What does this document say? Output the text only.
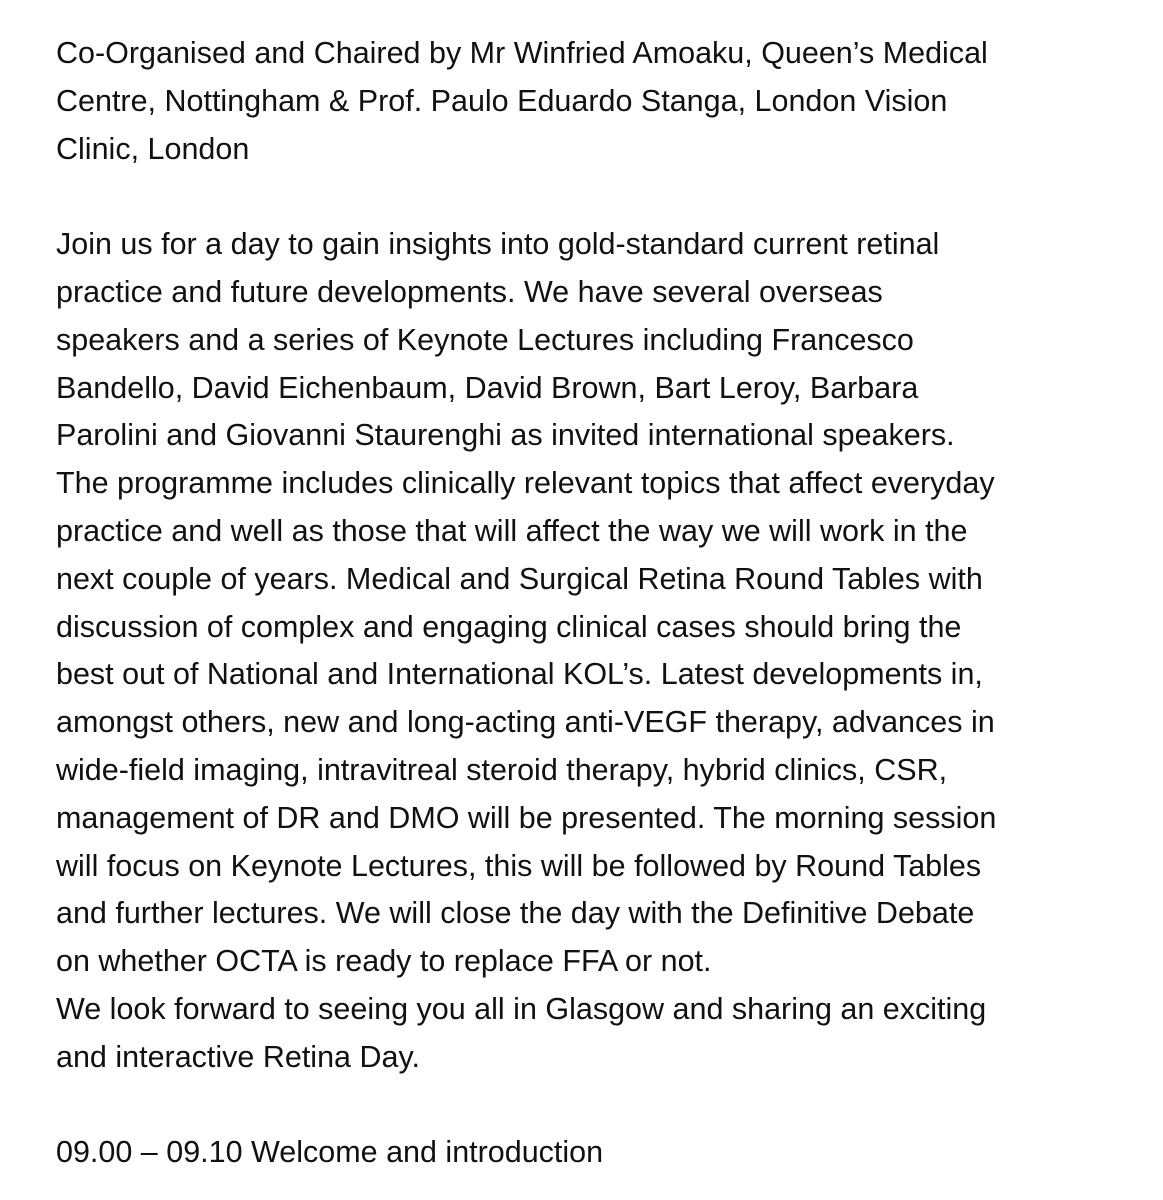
Co-Organised and Chaired by Mr Winfried Amoaku, Queen’s Medical
Centre, Nottingham & Prof. Paulo Eduardo Stanga, London Vision
Clinic, London
Join us for a day to gain insights into gold-standard current retinal
practice and future developments. We have several overseas
speakers and a series of Keynote Lectures including Francesco
Bandello, David Eichenbaum, David Brown, Bart Leroy, Barbara
Parolini and Giovanni Staurenghi as invited international speakers.
The programme includes clinically relevant topics that affect everyday
practice and well as those that will affect the way we will work in the
next couple of years. Medical and Surgical Retina Round Tables with
discussion of complex and engaging clinical cases should bring the
best out of National and International KOL’s. Latest developments in,
amongst others, new and long-acting anti-VEGF therapy, advances in
wide-field imaging, intravitreal steroid therapy, hybrid clinics, CSR,
management of DR and DMO will be presented. The morning session
will focus on Keynote Lectures, this will be followed by Round Tables
and further lectures. We will close the day with the Definitive Debate
on whether OCTA is ready to replace FFA or not.
We look forward to seeing you all in Glasgow and sharing an exciting
and interactive Retina Day.
09.00 – 09.10 Welcome and introduction
